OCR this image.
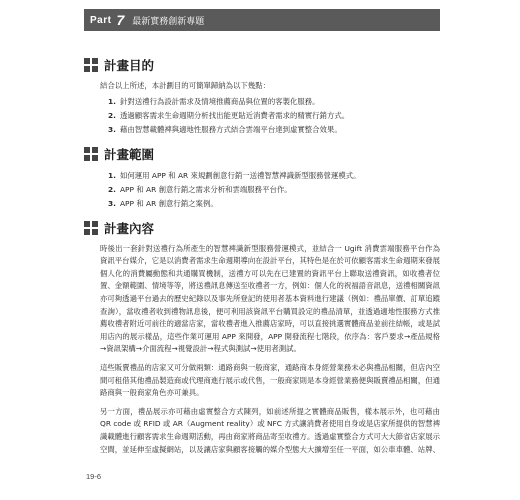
Part 7 最新實務創新專題
計畫目的

結合以上所述，本計劃目的可簡單歸納為以下幾點：

1. 針對送禮行為設計需求及情境推薦商品與位置的客製化服務。
2. 透過顧客需求生命週期分析找出能更貼近消費者需求的精實行銷方式。
3. 藉由智慧載體裨與適地性服務方式結合雲端平台達到虛實整合效果。
計畫範圍
1. 如何運用 APP 和 AR 來規劃創意行銷一送禮智慧裨識新型服務營運模式。
2. APP 和 AR 創意行銷之需求分析和雲端服務平台作。
3. APP 和 AR 創意行銷之案例。
計畫內容

時後出一套針對送禮行為所產生的智慧裨識新型服務營運模式，並結合一 Ugift 消費雲端服務平台作為資訊平台媒介，它是以消費者需求生命週期導向在設計平台，其特色是在於可依顧客需求生命週期來發展個人化的消費屬動態和共通購買機制，送禮方可以先在已建置的資訊平台上聯取送禮資訊，如收禮者位置、金額範圍、情境等等，將送禮訊息傳送至收禮者一方，例如：個人化的祝福語音訊息，送禮相關資訊亦可夠透過平台過去的歷史紀錄以及事先所登記的使用者基本資料進行建議（例如：禮品單價、訂單追蹤查詢），當收禮者收到禮物訊息後，便可利用該資訊平台購買設定的禮品清單，並透過適地性服務方式推薦收禮者附近可前往的適當店家，當收禮者進入推薦店家時，可以直接挑選實體商品並前往結帳，或是試用店內的展示樣品，這些作業可運用 APP 來開發，APP 開發流程七階段，依序為：客戶要求→產品規格→資訊架構→介面流程→視覺設計→程式與測試→使用者測試。

這些販賣禮品的店家又可分做兩類：通路商與一般商家，通路商本身經營業務未必與禮品相關，但店內空間可租借其他禮品製造商或代理商進行展示或代售，一般商家則是本身經營業務便與販賣禮品相關，但通路商與一般商家角色亦可兼具。

另一方面，禮品展示亦可藉由虛實整合方式陳列，如前述所提之實體商品販售，樣本展示外，也可藉由 QR code 或 RFID 或 AR（Augment reality）或 NFC 方式讓消費者使用自身或是店家所提供的智慧裨識載體進行顧客需求生命週期活動，再由商家將商品寄至收禮方。透過虛實整合方式可大大節省店家展示空間，並延伸至虛擬網站，以及讓店家與顧客接觸的媒介型態大大擴增至任一平面，如公車車體、站牌、

19-6
